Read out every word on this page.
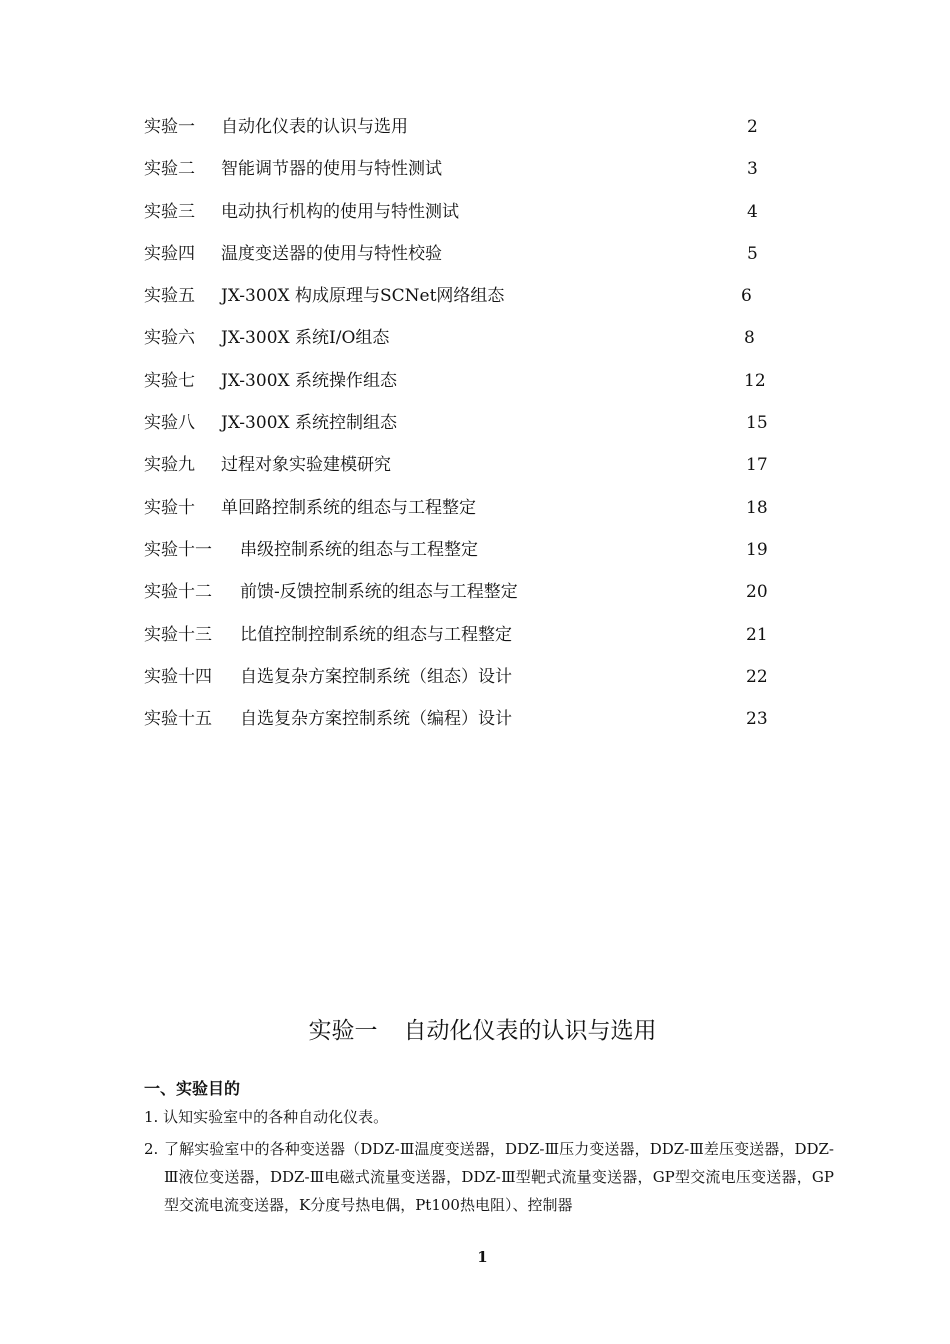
实验一 自动化仪表的认识与选用	2
实验二 智能调节器的使用与特性测试	3
实验三 电动执行机构的使用与特性测试	4
实验四 温度变送器的使用与特性校验	5
实验五 JX-300X 构成原理与SCNet网络组态	6
实验六 JX-300X 系统I/O组态	8
实验七 JX-300X 系统操作组态	12
实验八 JX-300X 系统控制组态	15
实验九 过程对象实验建模研究	17
实验十 单回路控制系统的组态与工程整定	18
实验十一 串级控制系统的组态与工程整定	19
实验十二 前馈-反馈控制系统的组态与工程整定	20
实验十三 比值控制控制系统的组态与工程整定	21
实验十四 自选复杂方案控制系统（组态）设计	22
实验十五 自选复杂方案控制系统（编程）设计	23
实验一 自动化仪表的认识与选用
一、实验目的
1. 认知实验室中的各种自动化仪表。
2. 了解实验室中的各种变送器（DDZ-Ⅲ温度变送器，DDZ-Ⅲ压力变送器，DDZ-Ⅲ差压变送器，DDZ-Ⅲ液位变送器，DDZ-Ⅲ电磁式流量变送器，DDZ-Ⅲ型靶式流量变送器，GP型交流电压变送器，GP型交流电流变送器，K分度号热电偶，Pt100热电阻）、控制器
1
